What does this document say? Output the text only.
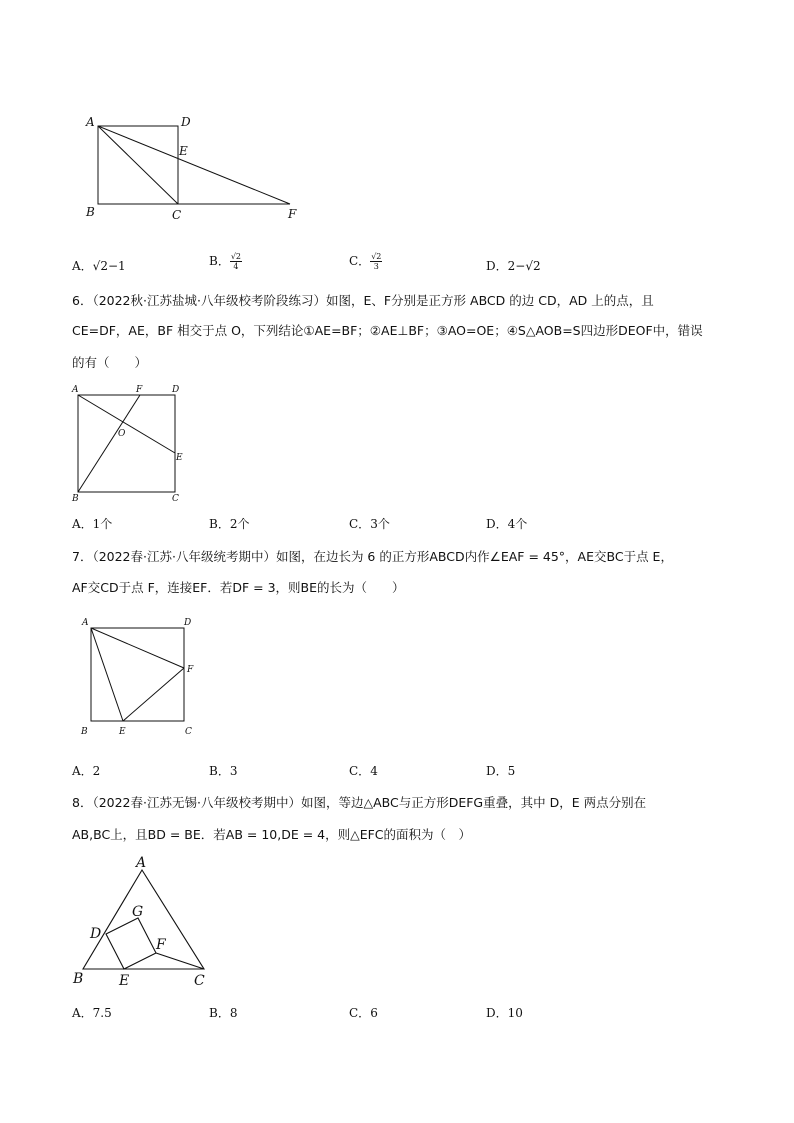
A	D
E
B	C	F
A．√2−1	B． $\frac{√2}{4}$	C． $\frac{√2}{3}$	D．2−√2
6．（2022秋·江苏盐城·八年级校考阶段练习）如图，E、F分别是正方形 ABCD 的边 CD，AD 上的点，且
CE=DF，AE，BF 相交于点 O，下列结论①AE=BF；②AE⊥BF；③AO=OE；④S△AOB=S四边形DEOF中，错误
的有（　　）
A	F	D
O
E
B	C
A．1个	B．2个	C．3个	D．4个
7．（2022春·江苏·八年级统考期中）如图，在边长为 6 的正方形ABCD内作∠EAF = 45°，AE交BC于点 E，
AF交CD于点 F，连接EF．若DF = 3，则BE的长为（　　）
A	D
F
B	E	C
A．2	B．3	C．4	D．5
8．（2022春·江苏无锡·八年级校考期中）如图，等边△ABC与正方形DEFG重叠，其中 D，E 两点分别在
AB,BC上，且BD = BE．若AB = 10,DE = 4，则△EFC的面积为（　）
A
G
D
F
B	E	C
A．7.5	B．8	C．6	D．10
